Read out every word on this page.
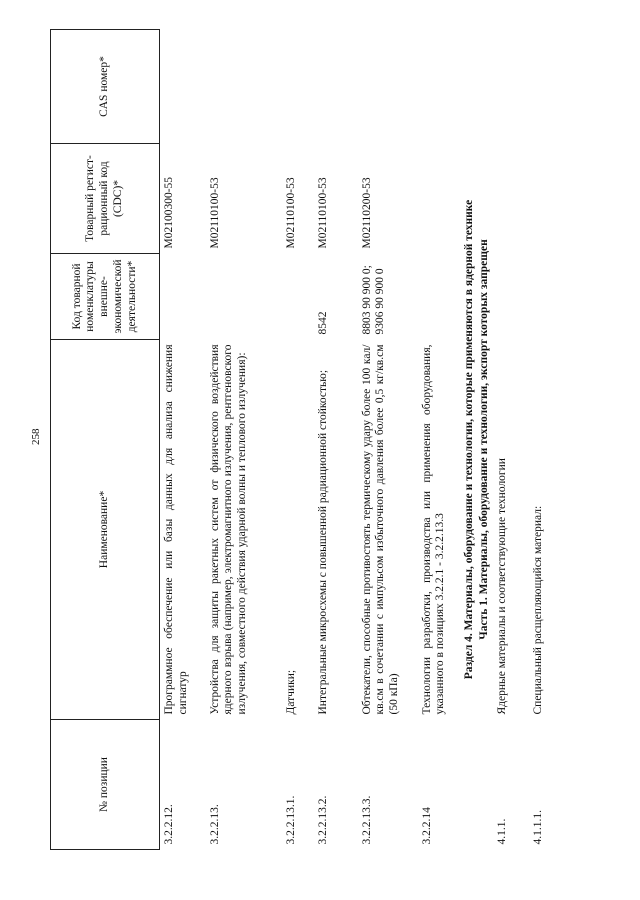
258
№ позиции	Наименование*	Код товарной номенклатуры внешнеэкономической деятельности*	Товарный регистрационный код (CDC)*	CAS номер*
3.2.2.12.	Программное обеспечение или базы данных для анализа снижения сигнатур		M02100300-55	
3.2.2.13.	Устройства для защиты ракетных систем от физического воздействия ядерного взрыва (например, электромагнитного излучения, рентгеновского излучения, совместного действия ударной волны и теплового излучения):		M02110100-53	
3.2.2.13.1.	Датчики;		M02110100-53	
3.2.2.13.2.	Интегральные микросхемы с повышенной радиационной стойкостью;	8542	M02110100-53	
3.2.2.13.3.	Обтекатели, способные противостоять термическому удару более 100 кал/кв.см в сочетании с импульсом избыточного давления более 0,5 кг/кв.см (50 кПа)	8803 90 900 0; 9306 90 900 0	M02110200-53	
3.2.2.14	Технологии разработки, производства или применения оборудования, указанного в позициях 3.2.2.1 - 3.2.2.13.3			
Раздел 4. Материалы, оборудование и технологии, которые применяются в ядерной технике				
Часть 1. Материалы, оборудование и технологии, экспорт которых запрещен				
4.1.1.	Ядерные материалы и соответствующие технологии			
4.1.1.1.	Специальный расщепляющийся материал:			
